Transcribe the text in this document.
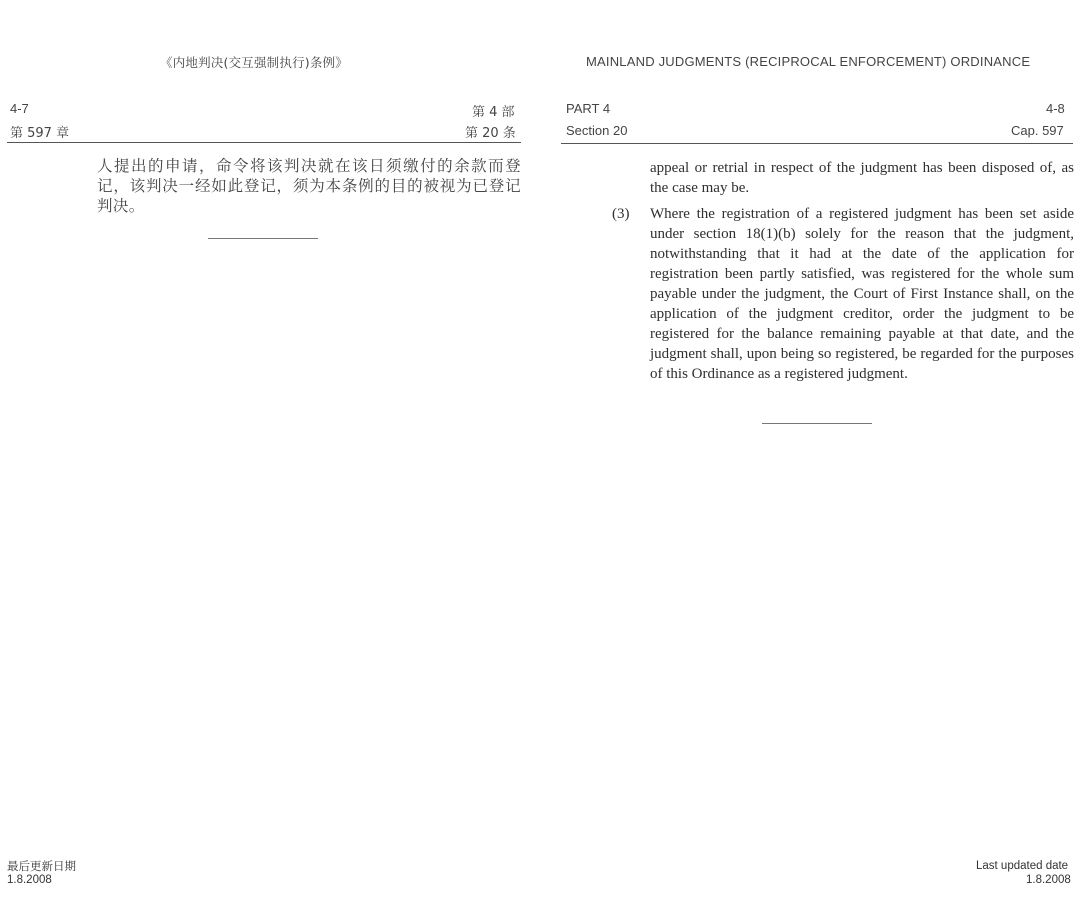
《内地判决(交互强制执行)条例》
4-7	第 4 部
第 597 章	第 20 条
人提出的申请，命令将该判决就在该日须缴付的余款而登记，该判决一经如此登记，须为本条例的目的被视为已登记判决。
最后更新日期
1.8.2008
MAINLAND JUDGMENTS (RECIPROCAL ENFORCEMENT) ORDINANCE
PART 4	4-8
Section 20	Cap. 597
appeal or retrial in respect of the judgment has been disposed of, as the case may be.
(3) Where the registration of a registered judgment has been set aside under section 18(1)(b) solely for the reason that the judgment, notwithstanding that it had at the date of the application for registration been partly satisfied, was registered for the whole sum payable under the judgment, the Court of First Instance shall, on the application of the judgment creditor, order the judgment to be registered for the balance remaining payable at that date, and the judgment shall, upon being so registered, be regarded for the purposes of this Ordinance as a registered judgment.
Last updated date
1.8.2008
